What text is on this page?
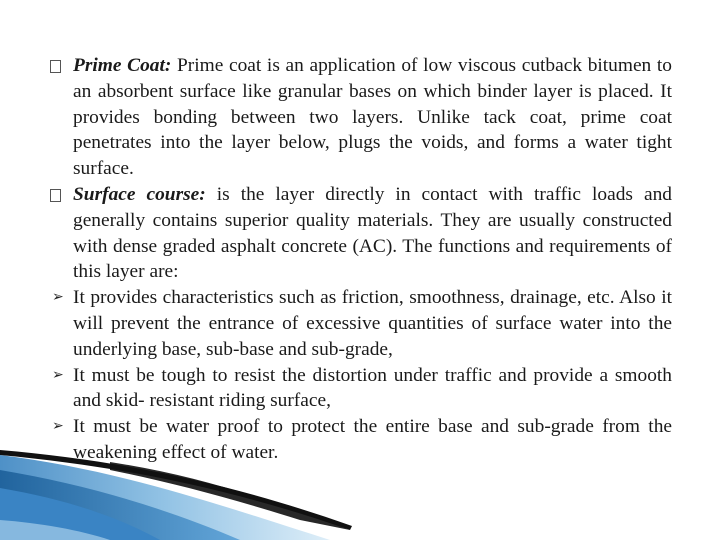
Prime Coat: Prime coat is an application of low viscous cutback bitumen to an absorbent surface like granular bases on which binder layer is placed. It provides bonding between two layers. Unlike tack coat, prime coat penetrates into the layer below, plugs the voids, and forms a water tight surface.
Surface course: is the layer directly in contact with traffic loads and generally contains superior quality materials. They are usually constructed with dense graded asphalt concrete (AC). The functions and requirements of this layer are:
➢ It provides characteristics such as friction, smoothness, drainage, etc. Also it will prevent the entrance of excessive quantities of surface water into the underlying base, sub-base and sub-grade,
➢ It must be tough to resist the distortion under traffic and provide a smooth and skid- resistant riding surface,
➢ It must be water proof to protect the entire base and sub-grade from the weakening effect of water.
